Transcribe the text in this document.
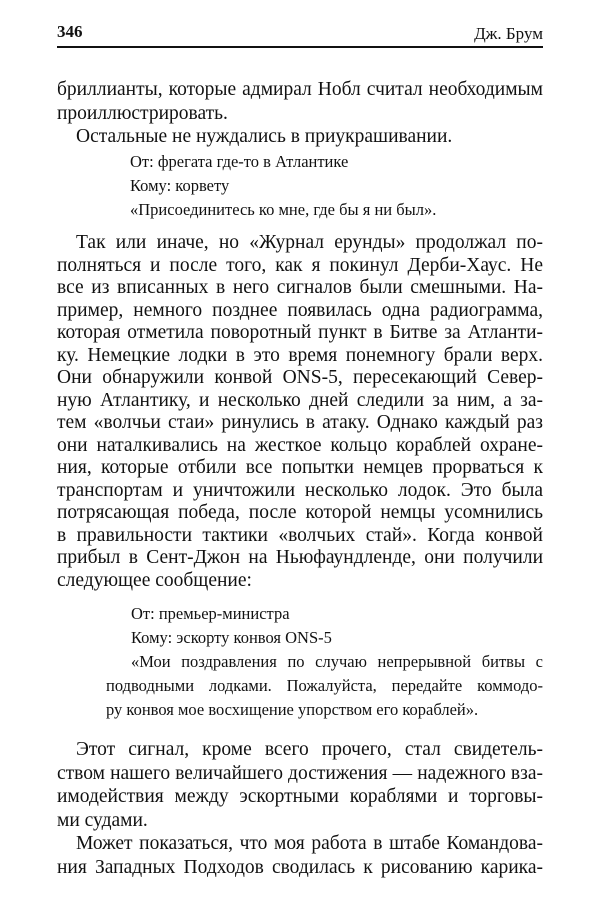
346	Дж. Брум
бриллианты, которые адмирал Нобл считал необходимым
проиллюстрировать.
Остальные не нуждались в приукрашивании.
От: фрегата где-то в Атлантике
Кому: корвету
«Присоединитесь ко мне, где бы я ни был».
Так или иначе, но «Журнал ерунды» продолжал по-
полняться и после того, как я покинул Дерби-Хаус. Не
все из вписанных в него сигналов были смешными. На-
пример, немного позднее появилась одна радиограмма,
которая отметила поворотный пункт в Битве за Атланти-
ку. Немецкие лодки в это время понемногу брали верх.
Они обнаружили конвой ONS-5, пересекающий Север-
ную Атлантику, и несколько дней следили за ним, а за-
тем «волчьи стаи» ринулись в атаку. Однако каждый раз
они наталкивались на жесткое кольцо кораблей охране-
ния, которые отбили все попытки немцев прорваться к
транспортам и уничтожили несколько лодок. Это была
потрясающая победа, после которой немцы усомнились
в правильности тактики «волчьих стай». Когда конвой
прибыл в Сент-Джон на Ньюфаундленде, они получили
следующее сообщение:
От: премьер-министра
Кому: эскорту конвоя ONS-5
«Мои поздравления по случаю непрерывной битвы с
подводными лодками. Пожалуйста, передайте коммодо-
ру конвоя мое восхищение упорством его кораблей».
Этот сигнал, кроме всего прочего, стал свидетель-
ством нашего величайшего достижения — надежного вза-
имодействия между эскортными кораблями и торговы-
ми судами.
Может показаться, что моя работа в штабе Командова-
ния Западных Подходов сводилась к рисованию карика-
